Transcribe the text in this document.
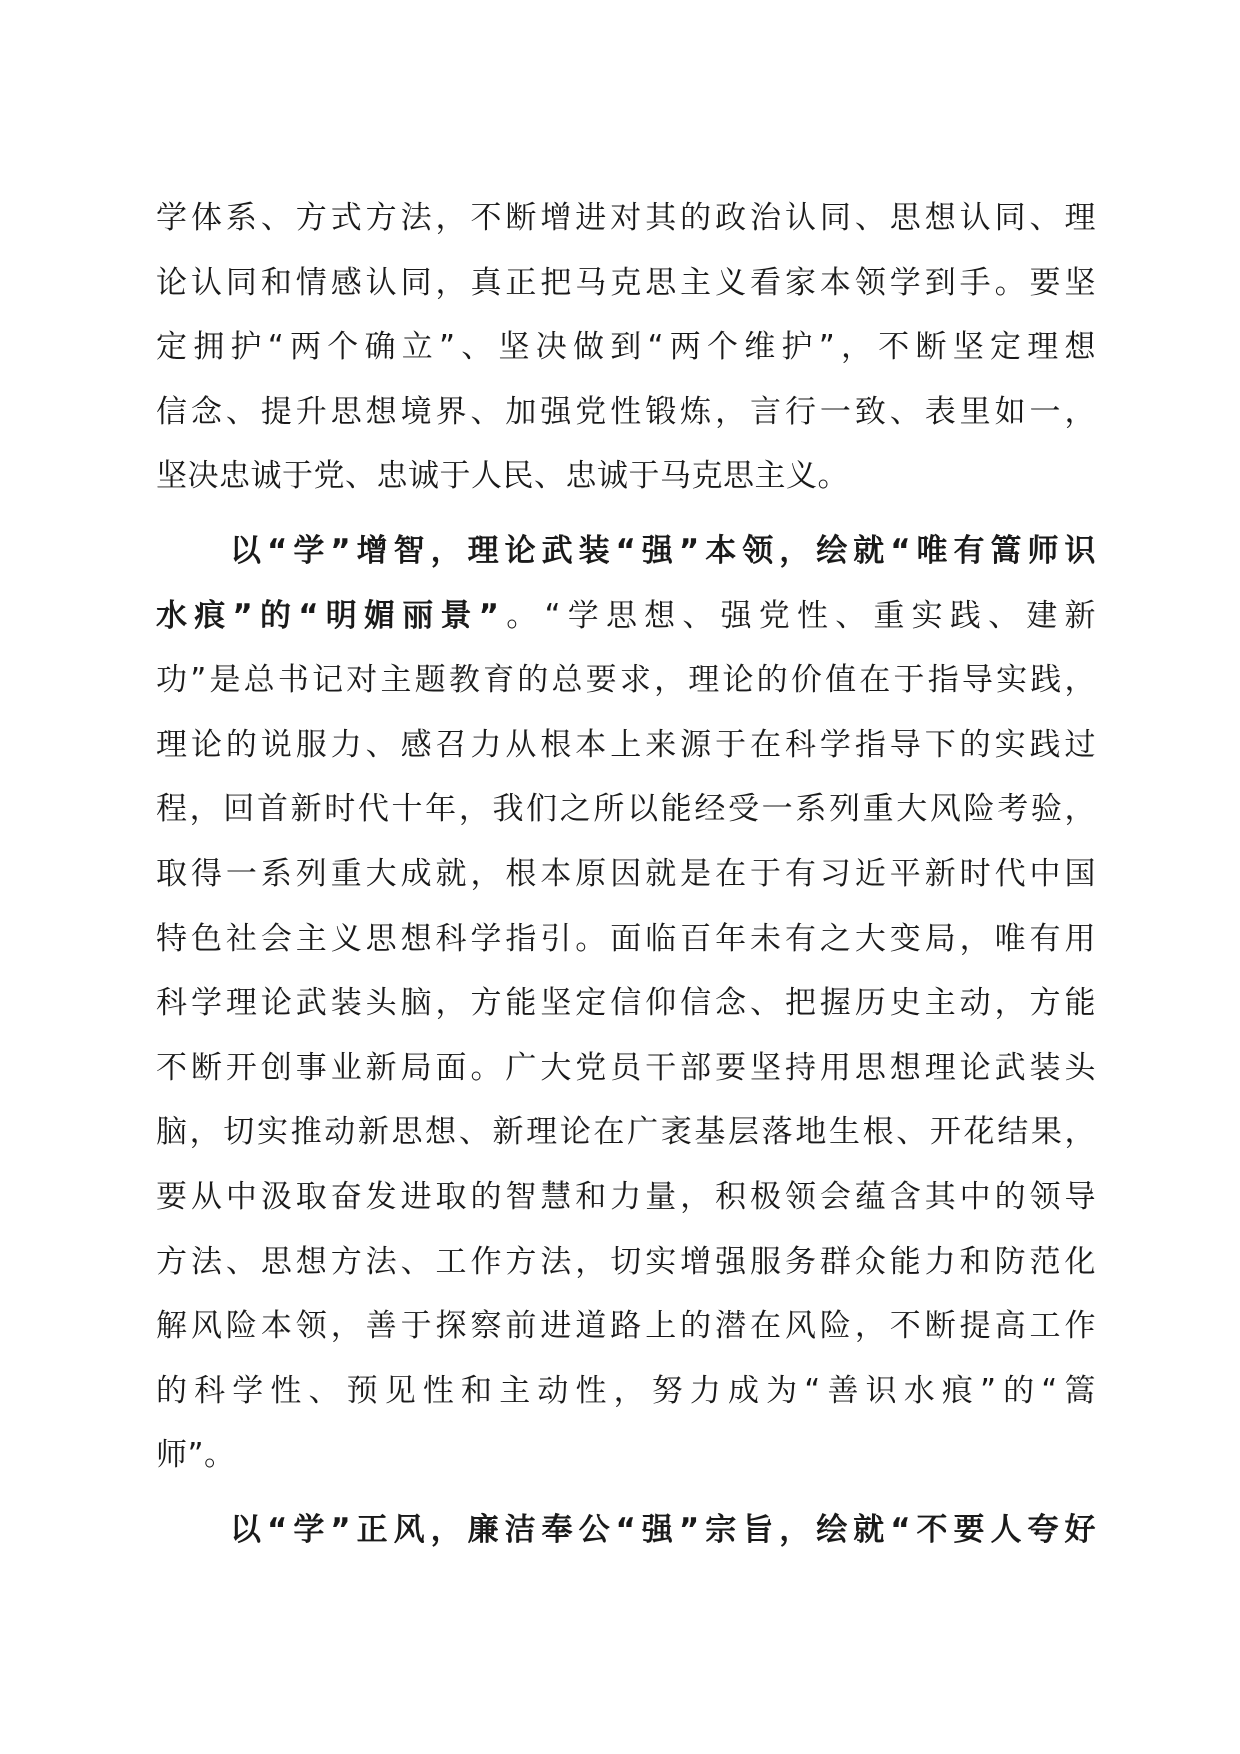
学体系、方式方法，不断增进对其的政治认同、思想认同、理
论认同和情感认同，真正把马克思主义看家本领学到手。要坚
定拥护“两个确立”、坚决做到“两个维护”，不断坚定理想
信念、提升思想境界、加强党性锻炼，言行一致、表里如一，
坚决忠诚于党、忠诚于人民、忠诚于马克思主义。
　　以“学”增智，理论武装“强”本领，绘就“唯有篙师识
水痕”的“明媚丽景”。“学思想、强党性、重实践、建新
功”是总书记对主题教育的总要求，理论的价值在于指导实践，
理论的说服力、感召力从根本上来源于在科学指导下的实践过
程，回首新时代十年，我们之所以能经受一系列重大风险考验，
取得一系列重大成就，根本原因就是在于有习近平新时代中国
特色社会主义思想科学指引。面临百年未有之大变局，唯有用
科学理论武装头脑，方能坚定信仰信念、把握历史主动，方能
不断开创事业新局面。广大党员干部要坚持用思想理论武装头
脑，切实推动新思想、新理论在广袤基层落地生根、开花结果，
要从中汲取奋发进取的智慧和力量，积极领会蕴含其中的领导
方法、思想方法、工作方法，切实增强服务群众能力和防范化
解风险本领，善于探察前进道路上的潜在风险，不断提高工作
的科学性、预见性和主动性，努力成为“善识水痕”的“篙
师”。
　　以“学”正风，廉洁奉公“强”宗旨，绘就“不要人夸好
